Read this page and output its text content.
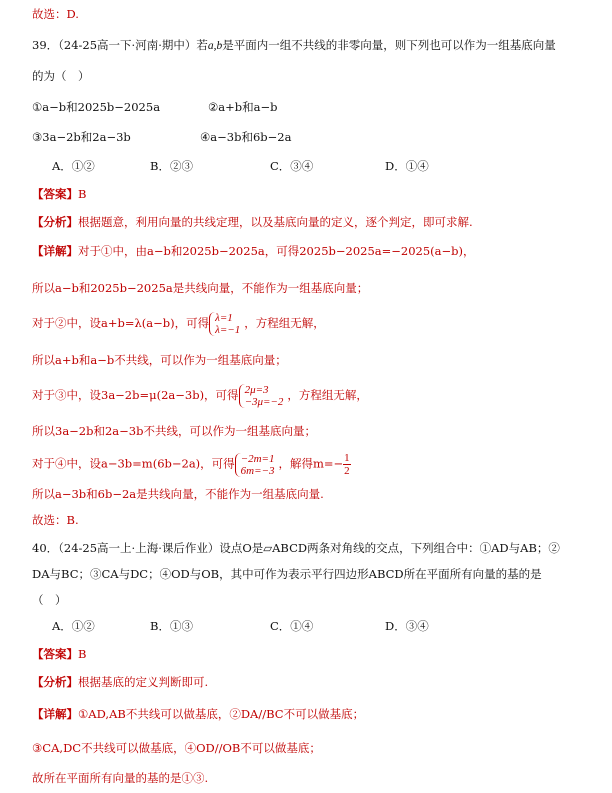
故选：D.
39．（24-25高一下·河南·期中）若a,b是平面内一组不共线的非零向量，则下列也可以作为一组基底向量
的为（　）
①a−b和2025b−2025a	②a+b和a−b
③3a−2b和2a−3b	④a−3b和6b−2a
A．①②	B．②③	C．③④	D．①④
【答案】B
【分析】根据题意，利用向量的共线定理，以及基底向量的定义，逐个判定，即可求解.
【详解】对于①中，由a−b和2025b−2025a，可得2025b−2025a=−2025(a−b)，
所以a−b和2025b−2025a是共线向量，不能作为一组基底向量；
对于②中，设a+b=λ(a−b)，可得 λ=1
λ=−1 ，方程组无解，
所以a+b和a−b不共线，可以作为一组基底向量；
对于③中，设3a−2b=μ(2a−3b)，可得 2μ=3
−3μ=−2 ，方程组无解，
所以3a−2b和2a−3b不共线，可以作为一组基底向量；
对于④中，设a−3b=m(6b−2a)，可得 −2m=1
6m=−3 ，解得$m=- \frac{1}{2}$
所以a−3b和6b−2a是共线向量，不能作为一组基底向量.
故选：B.
40．（24-25高一上·上海·课后作业）设点O是▱ABCD两条对角线的交点，下列组合中：①AD与AB；②
DA与BC；③CA与DC；④OD与OB，其中可作为表示平行四边形ABCD所在平面所有向量的基的是
（　）
A．①②	B．①③	C．①④	D．③④
【答案】B
【分析】根据基底的定义判断即可.
【详解】①AD,AB不共线可以做基底，②DA//BC不可以做基底；
③CA,DC不共线可以做基底，④OD//OB不可以做基底；
故所在平面所有向量的基的是①③.
